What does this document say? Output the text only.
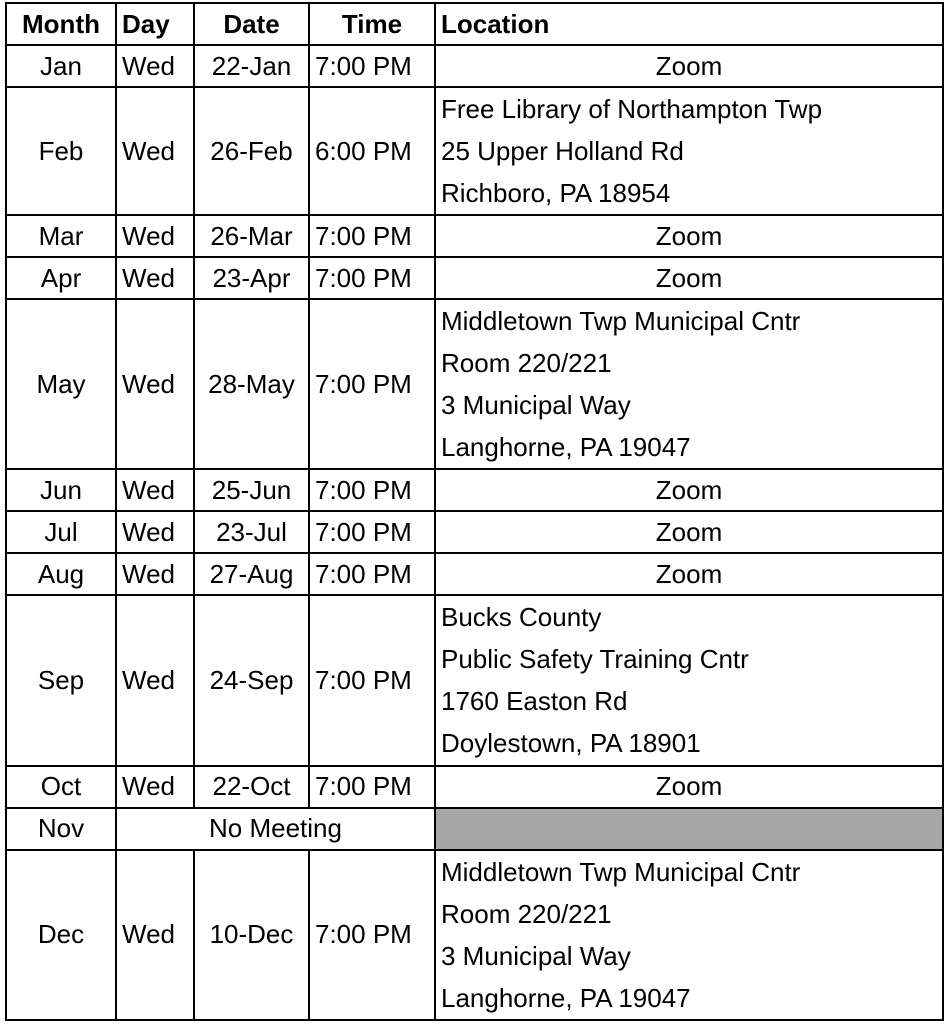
Month	Day	Date	Time	Location
Jan	Wed	22-Jan	7:00 PM	Zoom
Feb	Wed	26-Feb	6:00 PM	Free Library of Northampton Twp
25 Upper Holland Rd
Richboro, PA 18954

Mar	Wed	26-Mar	7:00 PM	Zoom
Apr	Wed	23-Apr	7:00 PM	Zoom
May	Wed	28-May	7:00 PM	Middletown Twp Municipal Cntr
Room 220/221
3 Municipal Way
Langhorne, PA 19047

Jun	Wed	25-Jun	7:00 PM	Zoom
Jul	Wed	23-Jul	7:00 PM	Zoom
Aug	Wed	27-Aug	7:00 PM	Zoom
Sep	Wed	24-Sep	7:00 PM	Bucks County
Public Safety Training Cntr
1760 Easton Rd
Doylestown, PA 18901

Oct	Wed	22-Oct	7:00 PM	Zoom
Nov	No Meeting			
Dec	Wed	10-Dec	7:00 PM	Middletown Twp Municipal Cntr
Room 220/221
3 Municipal Way
Langhorne, PA 19047
